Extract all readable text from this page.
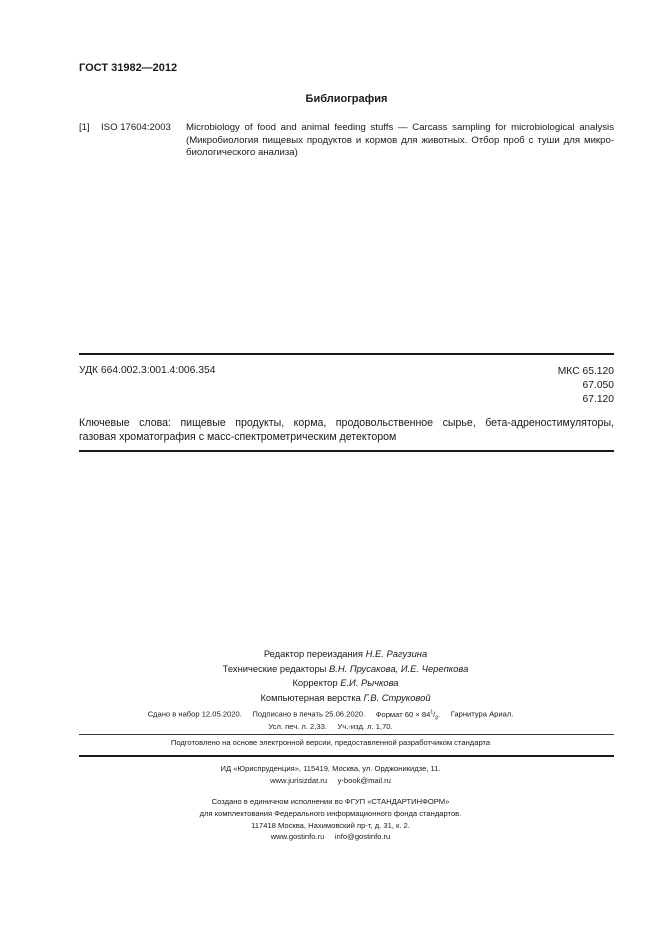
ГОСТ 31982—2012
Библиография
[1] ISO 17604:2003 Microbiology of food and animal feeding stuffs — Carcass sampling for microbiological analysis
(Микробиология пищевых продуктов и кормов для животных. Отбор проб с туши для микро-
биологического анализа)
УДК 664.002.3:001.4:006.354	МКС 65.120
67.050
67.120
Ключевые слова: пищевые продукты, корма, продовольственное сырье, бета-адреностимуляторы,
газовая хроматография с масс-спектрометрическим детектором
Редактор переиздания Н.Е. Рагузина
Технические редакторы В.Н. Прусакова, И.Е. Черепкова
Корректор Е.И. Рычкова
Компьютерная верстка Г.В. Струковой
Сдано в набор 12.05.2020. Подписано в печать 25.06.2020. Формат $60 \times 84^1/_8$. Гарнитура Ариал.
Усл. печ. л. 2,33. Уч.-изд. л. 1,70.
Подготовлено на основе электронной версии, предоставленной разработчиком стандарта
ИД «Юриспруденция», 115419, Москва, ул. Орджоникидзе, 11.
www.jurisizdat.ru y-book@mail.ru
Создано в единичном исполнении во ФГУП «СТАНДАРТИНФОРМ»
для комплектования Федерального информационного фонда стандартов.
117418 Москва, Нахимовский пр-т, д. 31, к. 2.
www.gostinfo.ru info@gostinfo.ru
